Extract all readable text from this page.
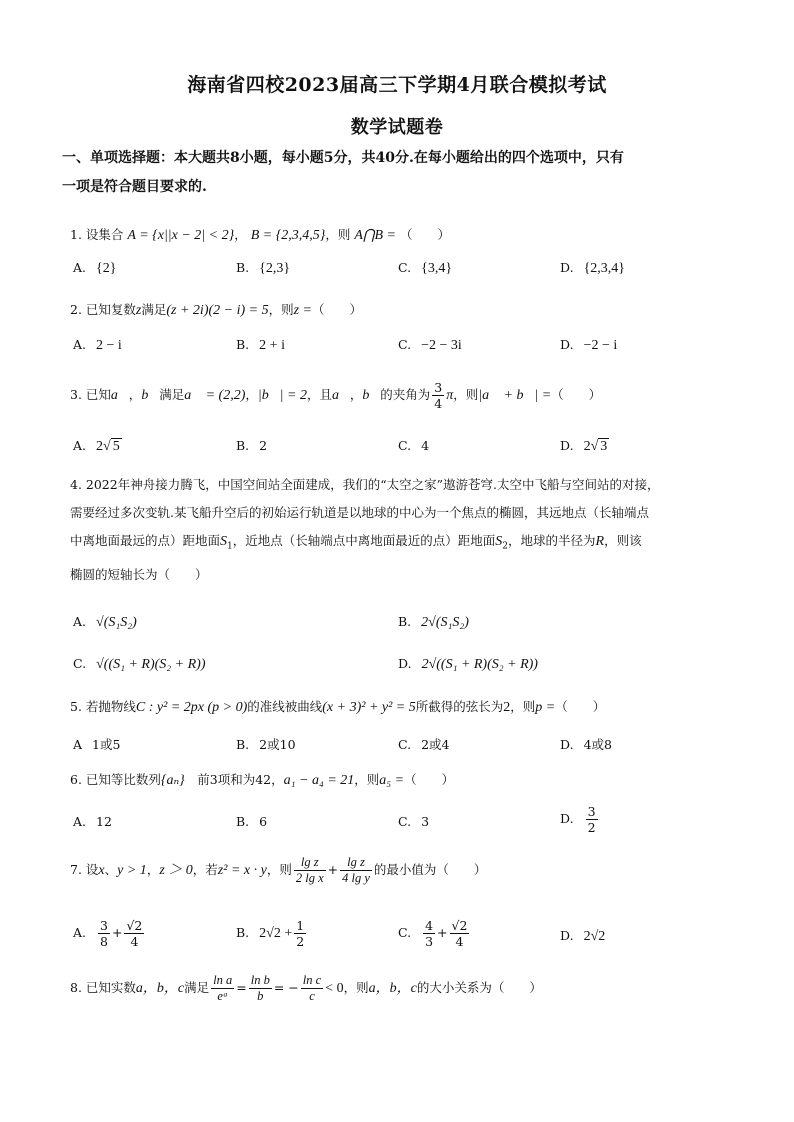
海南省四校2023届高三下学期4月联合模拟考试
数学试题卷
一、单项选择题：本大题共8小题，每小题5分，共40分.在每小题给出的四个选项中，只有
一项是符合题目要求的.
1. 设集合 A = {x||x − 2| < 2}， B = {2,3,4,5}，则 A⋂B = （　　）
A. {2}	B. {2,3}	C. {3,4}	D. {2,3,4}
2. 已知复数z满足(z + 2i)(2 − i) = 5，则z =（　　）
A. 2 − i	B. 2 + i	C. −2 − 3i	D. −2 − i
3. 已知a⃗，b⃗满足a⃗ = (2,2)，|b⃗| = 2，且a⃗，b⃗的夹角为 $\frac{3}{4}$ π，则|a⃗ + b⃗| =（　　）
A. 2√ 5	B. 2	C. 4	D. 2√ 3
4. 2022年神舟接力腾飞，中国空间站全面建成，我们的“太空之家”遨游苍穹.太空中飞船与空间站的对接，
需要经过多次变轨.某飞船升空后的初始运行轨道是以地球的中心为一个焦点的椭圆，其远地点（长轴端点
中离地面最远的点）距地面$S_1$，近地点（长轴端点中离地面最近的点）距地面$S_2$，地球的半径为R，则该
椭圆的短轴长为（　　）
A. √(S₁S₂)	B. 2√(S₁S₂)
C. √((S₁ + R)(S₂ + R))	D. 2√((S₁ + R)(S₂ + R))
5. 若抛物线C : y² = 2px (p > 0)的准线被曲线(x + 3)² + y² = 5所截得的弦长为2，则p =（　　）
A 1或5	B. 2或10	C. 2或4	D. 4或8
6. 已知等比数列{aₙ}　前3项和为42，a₁ − a₄ = 21，则a₅ =（　　）
A. 12	B. 6	C. 3	D. $\frac{3}{2}$
7. 设x、y > 1，z ＞ 0，若z² = x · y，则 $\frac{\text{lg z}}{\text{2 lg x}} + \frac{\text{lg z}}{\text{4 lg y}}$ 的最小值为（　　）
A. $\frac{3}{8} + \frac{√2}{4}$	B. $2√2 + \frac{1}{2}$	C. $\frac{4}{3} + \frac{√2}{4}$	D. 2√2
8. 已知实数a，b，c满足 $\frac{\text{ln a}}{\text{eᵃ}} = \frac{\text{ln b}}{b}$ = − $\frac{\text{ln c}}{c} < 0$，则a，b，c的大小关系为（　　）
